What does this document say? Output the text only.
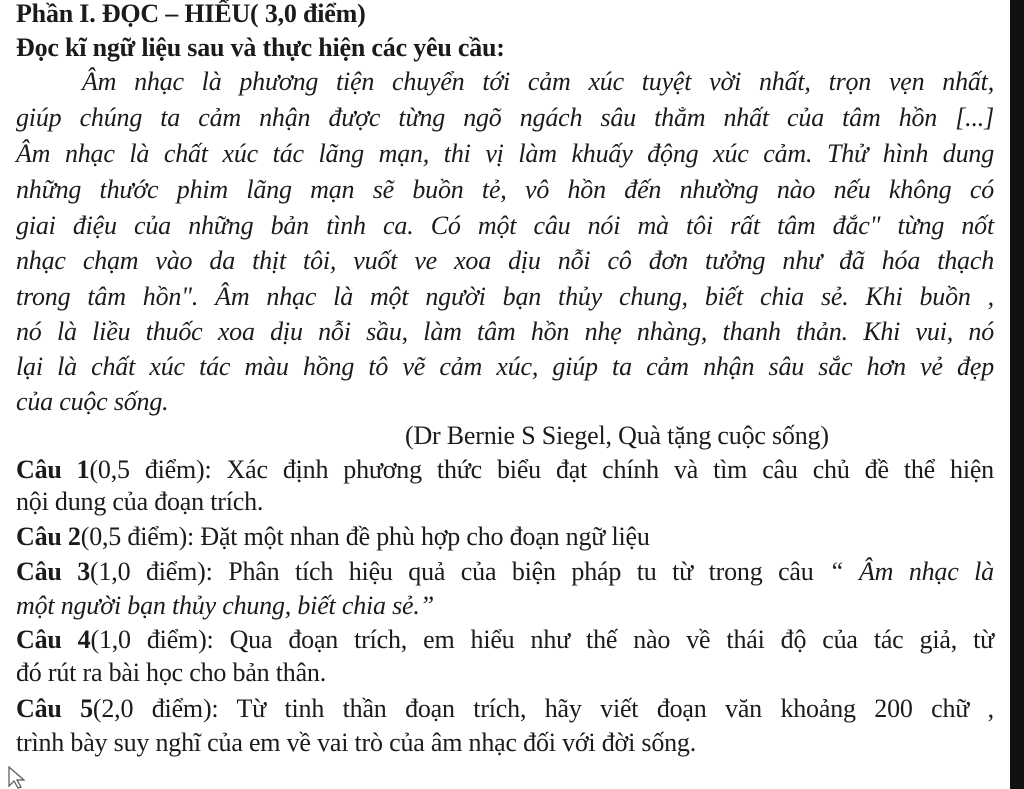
Phần I. ĐỌC – HIỂU( 3,0 điểm)
Đọc kĩ ngữ liệu sau và thực hiện các yêu cầu:
Âm nhạc là phương tiện chuyển tới cảm xúc tuyệt vời nhất, trọn vẹn nhất,
giúp chúng ta cảm nhận được từng ngõ ngách sâu thẳm nhất của tâm hồn [...]
Âm nhạc là chất xúc tác lãng mạn, thi vị làm khuấy động xúc cảm. Thử hình dung
những thước phim lãng mạn sẽ buồn tẻ, vô hồn đến nhường nào nếu không có
giai điệu của những bản tình ca. Có một câu nói mà tôi rất tâm đắc" từng nốt
nhạc chạm vào da thịt tôi, vuốt ve xoa dịu nỗi cô đơn tưởng như đã hóa thạch
trong tâm hồn". Âm nhạc là một người bạn thủy chung, biết chia sẻ. Khi buồn ,
nó là liều thuốc xoa dịu nỗi sầu, làm tâm hồn nhẹ nhàng, thanh thản. Khi vui, nó
lại là chất xúc tác màu hồng tô vẽ cảm xúc, giúp ta cảm nhận sâu sắc hơn vẻ đẹp
của cuộc sống.
(Dr Bernie S Siegel, Quà tặng cuộc sống)
Câu 1(0,5 điểm): Xác định phương thức biểu đạt chính và tìm câu chủ đề thể hiện
nội dung của đoạn trích.
Câu 2(0,5 điểm): Đặt một nhan đề phù hợp cho đoạn ngữ liệu
Câu 3(1,0 điểm): Phân tích hiệu quả của biện pháp tu từ trong câu “ Âm nhạc là
một người bạn thủy chung, biết chia sẻ.”
Câu 4(1,0 điểm): Qua đoạn trích, em hiểu như thế nào về thái độ của tác giả, từ
đó rút ra bài học cho bản thân.
Câu 5(2,0 điểm): Từ tinh thần đoạn trích, hãy viết đoạn văn khoảng 200 chữ ,
trình bày suy nghĩ của em về vai trò của âm nhạc đối với đời sống.
